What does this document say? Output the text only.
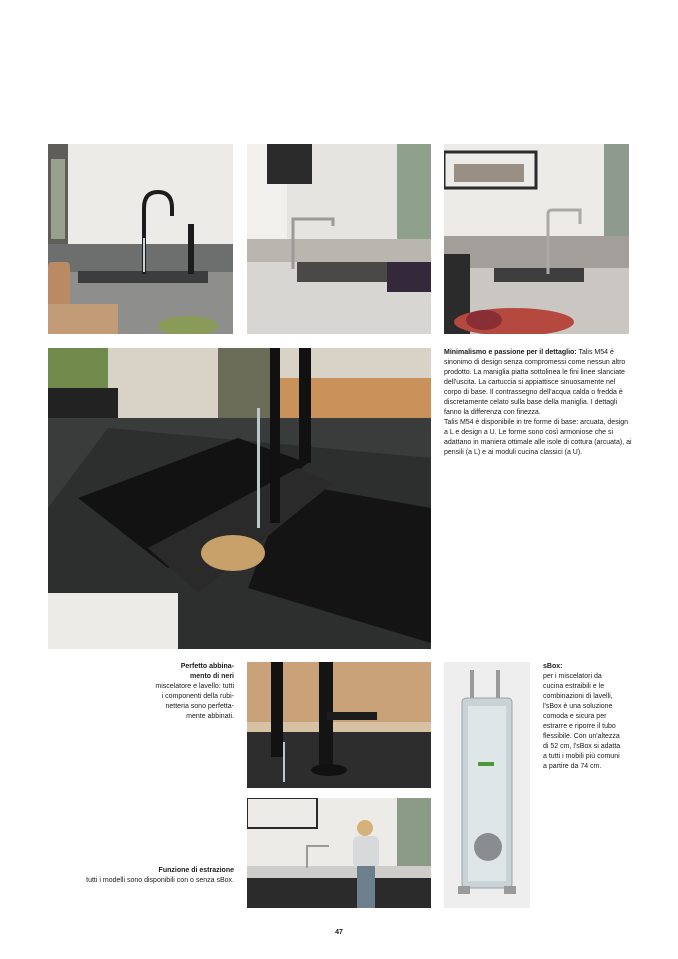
Minimalismo e passione per il dettaglio: Talis M54 è sinonimo di design senza compromessi come nessun altro prodotto. La maniglia piatta sottolinea le fini linee slanciate dell'uscita. La cartuccia si appiattisce sinuosamente nel corpo di base. Il contrassegno dell'acqua calda o fredda è discretamente celato sulla base della maniglia. I dettagli fanno la differenza con finezza.
Talis M54 è disponibile in tre forme di base: arcuata, design a L e design a U. Le forme sono così armoniose che si adattano in maniera ottimale alle isole di cottura (arcuata), ai pensili (a L) e ai moduli cucina classici (a U).
Perfetto abbina-
mento di neri
miscelatore e lavello: tutti
i componenti della rubi-
netteria sono perfetta-
mente abbinati.
Funzione di estrazione
tutti i modelli sono disponibili con o senza sBox.
sBox:
per i miscelatori da
cucina estraibili e le
combinazioni di lavelli,
l'sBox è una soluzione
comoda e sicura per
estrarre e riporre il tubo
flessibile. Con un'altezza
di 52 cm, l'sBox si adatta
a tutti i mobili più comuni
a partire da 74 cm.
47
